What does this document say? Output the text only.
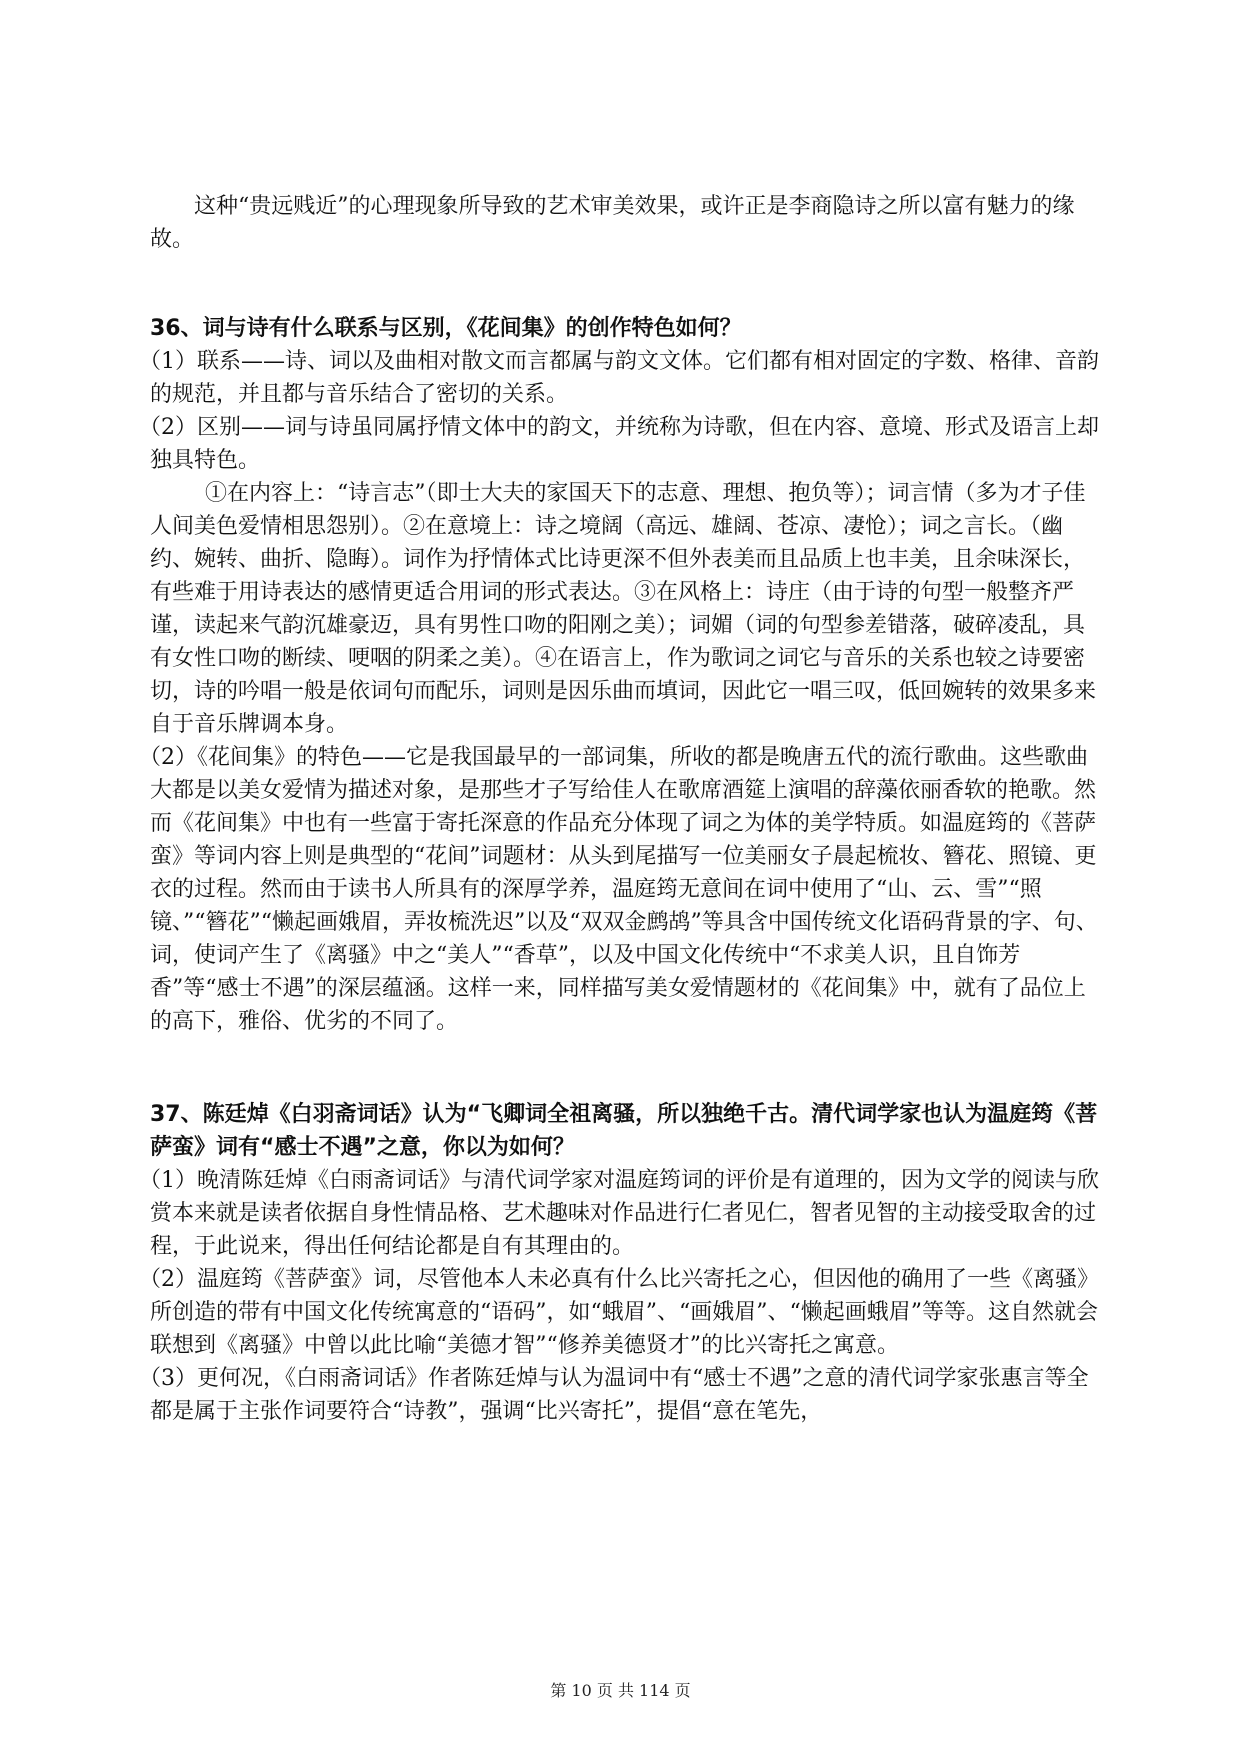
这种“贵远贱近”的心理现象所导致的艺术审美效果，或许正是李商隐诗之所以富有魅力的缘故。

36、词与诗有什么联系与区别，《花间集》的创作特色如何？

（1）联系——诗、词以及曲相对散文而言都属与韵文文体。它们都有相对固定的字数、格律、音韵的规范，并且都与音乐结合了密切的关系。

（2）区别——词与诗虽同属抒情文体中的韵文，并统称为诗歌，但在内容、意境、形式及语言上却独具特色。

①在内容上：“诗言志”（即士大夫的家国天下的志意、理想、抱负等）；词言情（多为才子佳人间美色爱情相思怨别）。②在意境上：诗之境阔（高远、雄阔、苍凉、凄怆）；词之言长。（幽约、婉转、曲折、隐晦）。词作为抒情体式比诗更深不但外表美而且品质上也丰美，且余味深长，有些难于用诗表达的感情更适合用词的形式表达。③在风格上：诗庄（由于诗的句型一般整齐严谨，读起来气韵沉雄豪迈，具有男性口吻的阳刚之美）；词媚（词的句型参差错落，破碎凌乱，具有女性口吻的断续、哽咽的阴柔之美）。④在语言上，作为歌词之词它与音乐的关系也较之诗要密切，诗的吟唱一般是依词句而配乐，词则是因乐曲而填词，因此它一唱三叹，低回婉转的效果多来自于音乐牌调本身。

（2）《花间集》的特色——它是我国最早的一部词集，所收的都是晚唐五代的流行歌曲。这些歌曲大都是以美女爱情为描述对象，是那些才子写给佳人在歌席酒筵上演唱的辞藻依丽香软的艳歌。然而《花间集》中也有一些富于寄托深意的作品充分体现了词之为体的美学特质。如温庭筠的《菩萨蛮》等词内容上则是典型的“花间”词题材：从头到尾描写一位美丽女子晨起梳妆、簪花、照镜、更衣的过程。然而由于读书人所具有的深厚学养，温庭筠无意间在词中使用了“山、云、雪”“照镜、”“簪花”“懒起画娥眉，弄妆梳洗迟”以及“双双金鹧鸪”等具含中国传统文化语码背景的字、句、词，使词产生了《离骚》中之“美人”“香草”，以及中国文化传统中“不求美人识，且自饰芳香”等“感士不遇”的深层蕴涵。这样一来，同样描写美女爱情题材的《花间集》中，就有了品位上的高下，雅俗、优劣的不同了。

37、陈廷焯《白羽斋词话》认为“飞卿词全祖离骚，所以独绝千古。清代词学家也认为温庭筠《菩萨蛮》词有“感士不遇”之意，你以为如何？

（1）晚清陈廷焯《白雨斋词话》与清代词学家对温庭筠词的评价是有道理的，因为文学的阅读与欣赏本来就是读者依据自身性情品格、艺术趣味对作品进行仁者见仁，智者见智的主动接受取舍的过程，于此说来，得出任何结论都是自有其理由的。

（2）温庭筠《菩萨蛮》词，尽管他本人未必真有什么比兴寄托之心，但因他的确用了一些《离骚》所创造的带有中国文化传统寓意的“语码”，如“蛾眉”、“画娥眉”、“懒起画蛾眉”等等。这自然就会联想到《离骚》中曾以此比喻“美德才智”“修养美德贤才”的比兴寄托之寓意。

（3）更何况，《白雨斋词话》作者陈廷焯与认为温词中有“感士不遇”之意的清代词学家张惠言等全都是属于主张作词要符合“诗教”，强调“比兴寄托”，提倡“意在笔先，

第 10 页 共 114 页
